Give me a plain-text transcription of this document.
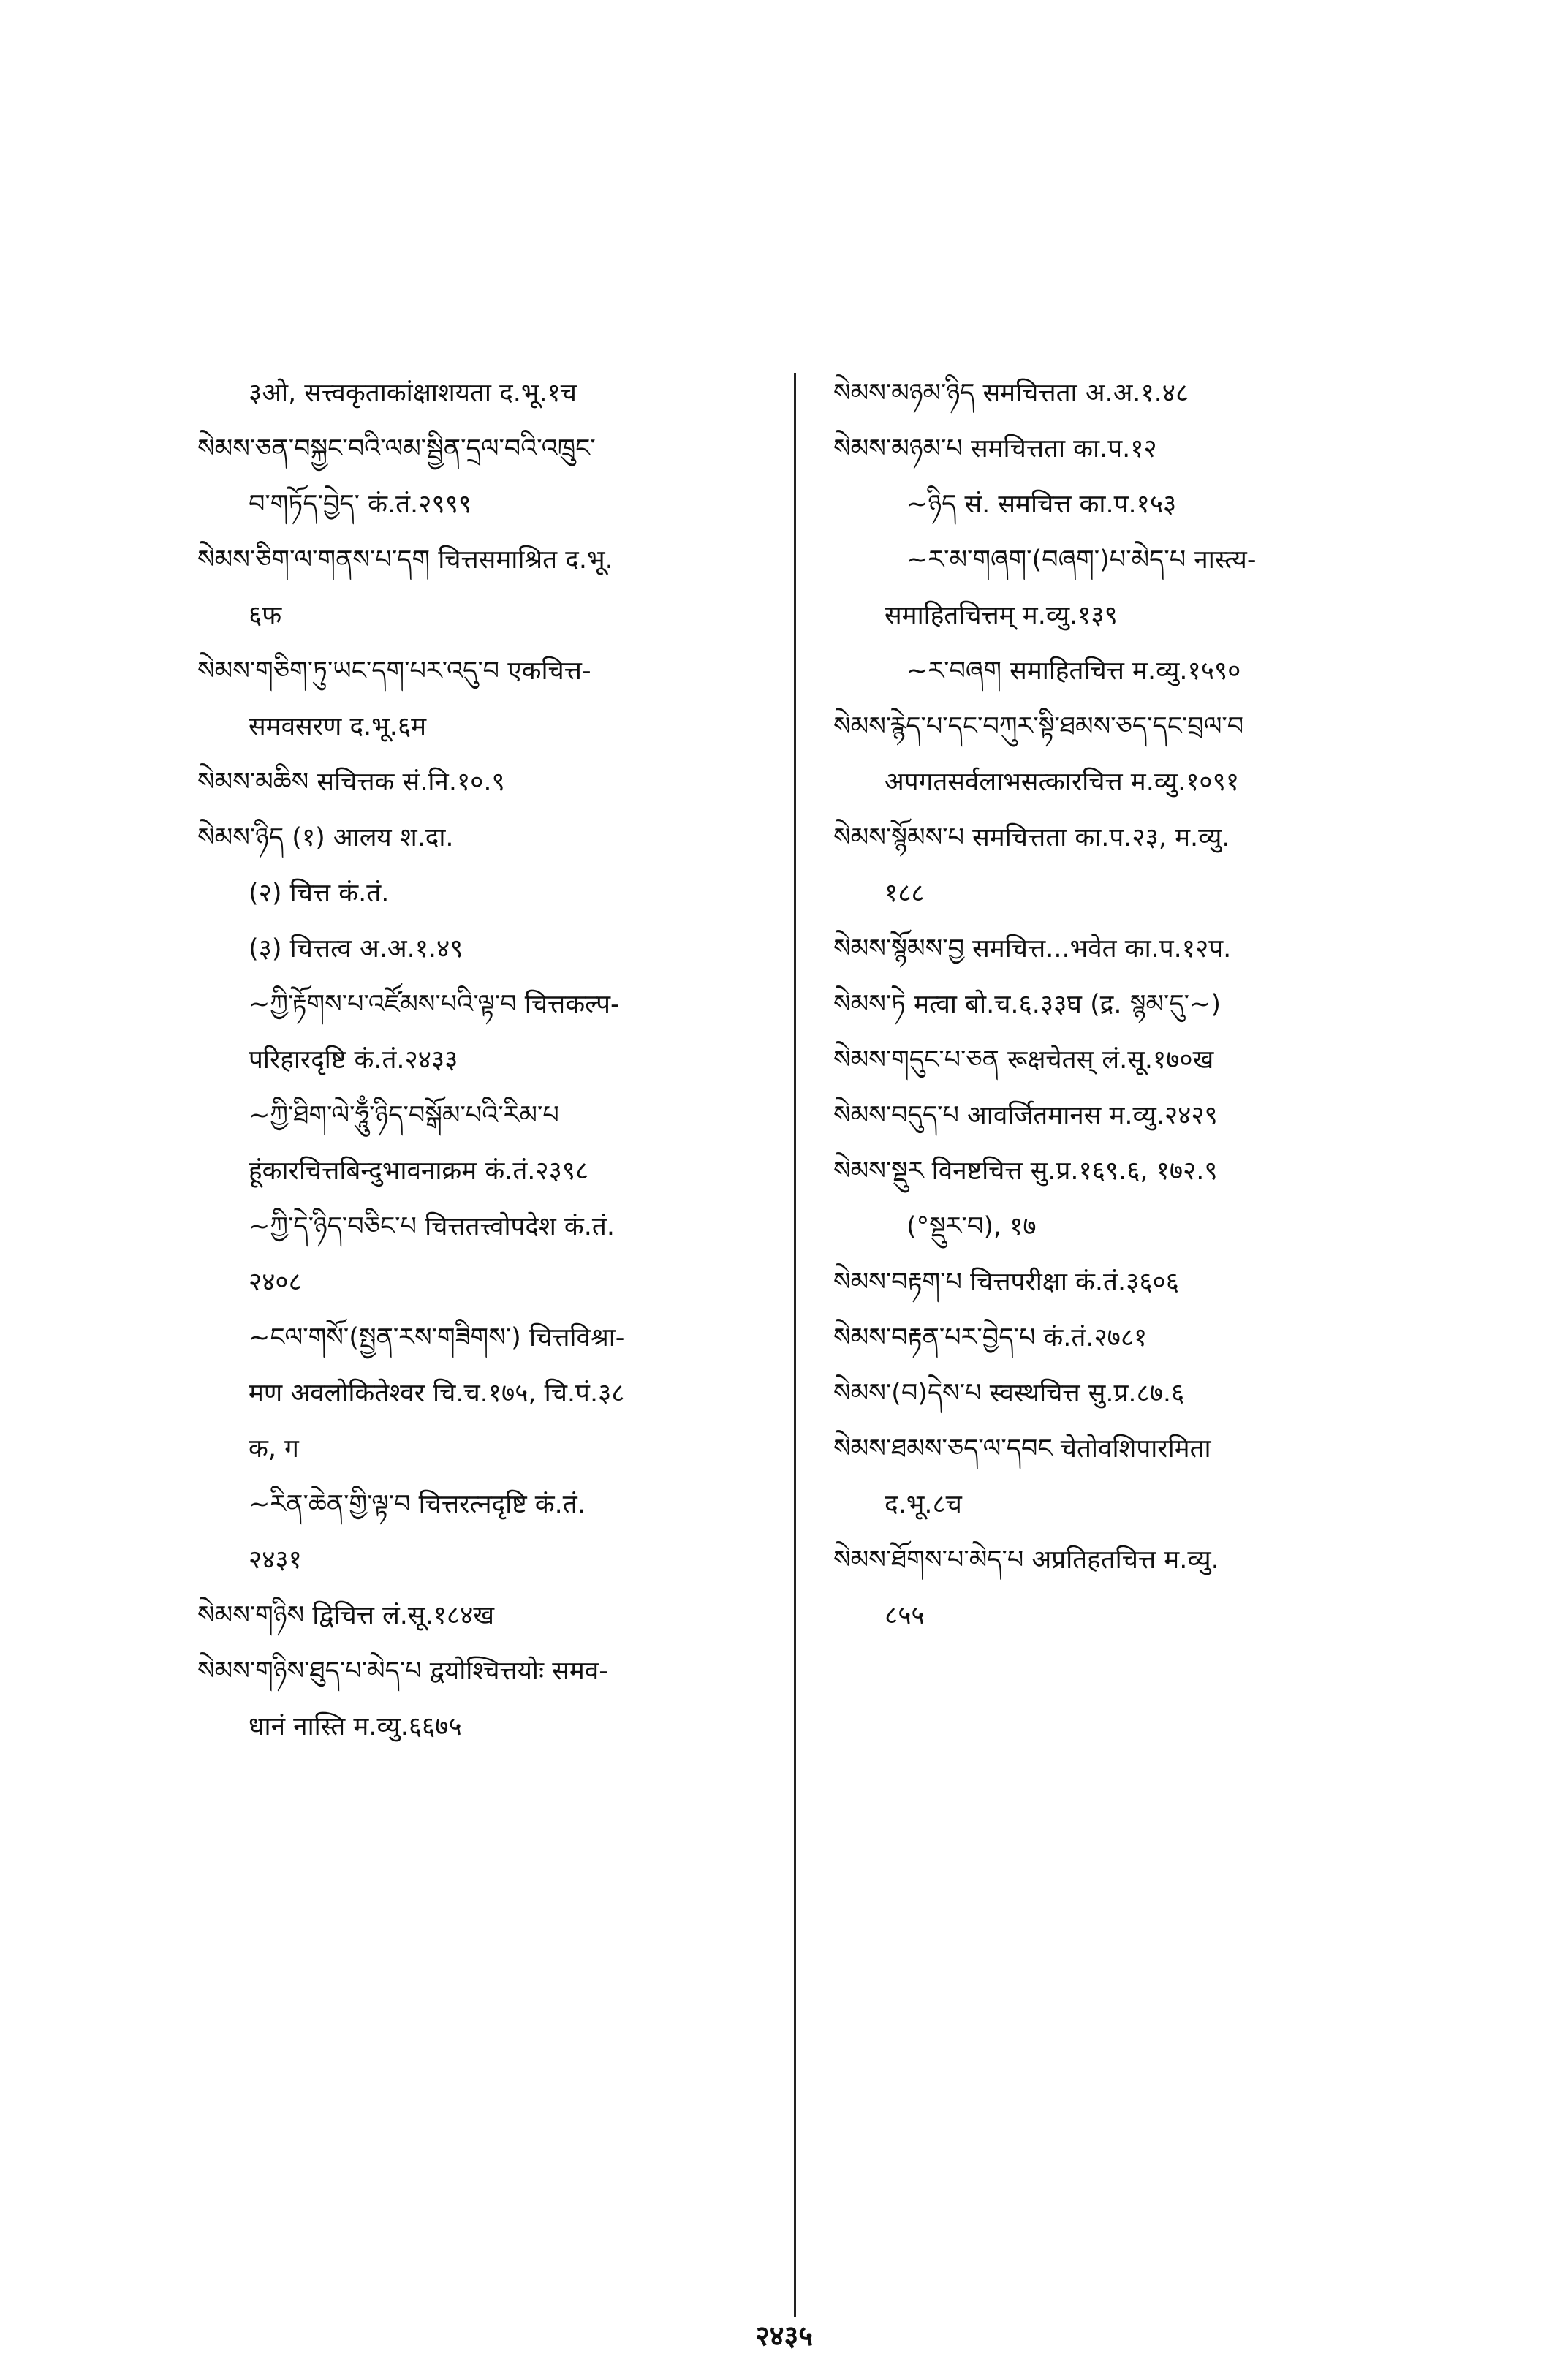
३ओ, सत्त्वकृताकांक्षाशयता द.भू.१च
སེམས་ཅན་བསྐྱང་བའི་ལམ་སྦྱིན་དྲལ་བའི་འཁྲུང་
བ་གཏོད་བྱེད་ कं.तं.२९९९
སེམས་ཅིག་ལ་གནས་པ་དག चित्तसमाश्रित द.भू.
६फ
སེམས་གཅིག་ཏུ་ཡང་དག་པར་འདུ་བ एकचित्त-
समवसरण द.भू.६म
སེམས་མཆིས सचित्तक सं.नि.१०.९
སེམས་ཉིད (१) आलय श.दा.
(२) चित्त कं.तं.
(३) चित्तत्व अ.अ.१.४९
~ཀྱི་རྟོགས་པ་འཛོམས་པའི་ལྟ་བ चित्तकल्प-
परिहारदृष्टि कं.तं.२४३३
~ཀྱི་ཐིག་ལེ་ཧཱུྃ་ཉིད་བསྒོམ་པའི་རིམ་པ
हूंकारचित्तबिन्दुभावनाक्रम कं.तं.२३९८
~ཀྱི་དེ་ཉིད་བཅིང་པ चित्ततत्त्वोपदेश कं.तं.
२४०८
~ངལ་གསོ་(སྤྱན་རས་གཟིགས་) चित्तविश्रा-
मण अवलोकितेश्वर चि.च.१७५, चि.पं.३८
क, ग
~རིན་ཆེན་གྱི་ལྟ་བ चित्तरत्नदृष्टि कं.तं.
२४३१
སེམས་གཉིས द्विचित्त लं.सू.१८४ख
སེམས་གཉིས་ཐུད་པ་མེད་པ द्वयोश्चित्तयोः समव-
धानं नास्ति म.व्यु.६६७५
སེམས་མཉམ་ཉིད समचित्तता अ.अ.१.४८
སེམས་མཉམ་པ समचित्तता का.प.१२
~ཉིད सं. समचित्त का.प.१५३
~ར་མ་གཞག་(བཞག་)པ་མེད་པ नास्त्य-
समाहितचित्तम् म.व्यु.१३९
~ར་བཞག समाहितचित्त म.व्यु.१५९०
སེམས་རྙེད་པ་དང་བཀུར་སྟི་ཐམས་ཅད་དང་བྲལ་བ
अपगतसर्वलाभसत्कारचित्त म.व्यु.१०९१
སེམས་སྙོམས་པ समचित्तता का.प.२३, म.व्यु.
१८८
སེམས་སྙོམས་བྱ समचित्त...भवेत का.प.१२प.
སེམས་ཏེ मत्वा बो.च.६.३३घ (द्र. སྙམ་དུ་~)
སེམས་གདུང་པ་ཅན रूक्षचेतस् लं.सू.१७०ख
སེམས་བདུད་པ आवर्जितमानस म.व्यु.२४२९
སེམས་སྡུར विनष्टचित्त सु.प्र.१६९.६, १७२.९
(°སྡུར་བ), १७
སེམས་བརྟག་པ चित्तपरीक्षा कं.तं.३६०६
སེམས་བརྟན་པར་བྱེད་པ कं.तं.२७८१
སེམས་(བ)དེས་པ स्वस्थचित्त सु.प्र.८७.६
སེམས་ཐམས་ཅད་ལ་དབང चेतोवशिपारमिता
द.भू.८च
སེམས་ཐོགས་པ་མེད་པ अप्रतिहतचित्त म.व्यु.
८५५
२४३५
